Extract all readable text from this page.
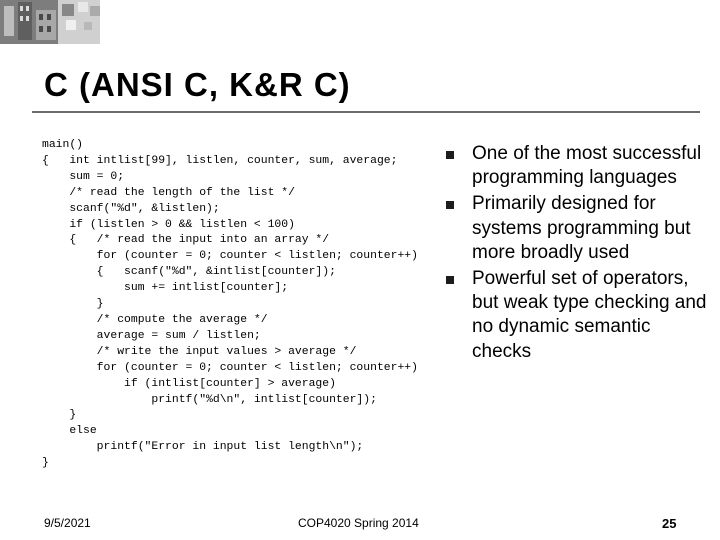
C (ANSI C, K&R C)
main()
{   int intlist[99], listlen, counter, sum, average;
sum = 0;
/* read the length of the list */
scanf("%d", &listlen);
if (listlen > 0 && listlen < 100)
{   /* read the input into an array */
for (counter = 0; counter < listlen; counter++)
{   scanf("%d", &intlist[counter]);
sum += intlist[counter];
}
/* compute the average */
average = sum / listlen;
/* write the input values > average */
for (counter = 0; counter < listlen; counter++)
if (intlist[counter] > average)
printf("%d\n", intlist[counter]);
}
else
printf("Error in input list length\n");
}
One of the most successful programming languages
Primarily designed for systems programming but more broadly used
Powerful set of operators, but weak type checking and no dynamic semantic checks
9/5/2021	COP4020 Spring 2014	25
